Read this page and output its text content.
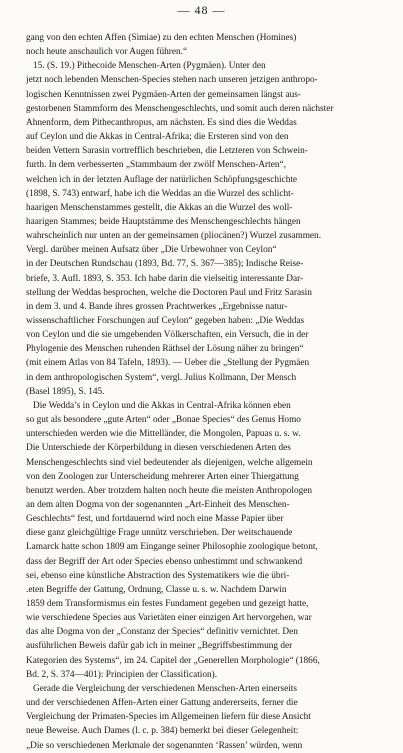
— 48 —
gang von den echten Affen (Simiae) zu den echten Menschen (Homines)
noch heute anschaulich vor Augen führen.“
15. (S. 19.) Pithecoide Menschen-Arten (Pygmäen). Unter den
jetzt noch lebenden Menschen-Species stehen nach unseren jetzigen anthropo-
logischen Kenntnissen zwei Pygmäen-Arten der gemeinsamen längst aus-
gestorbenen Stammform des Menschengeschlechts, und somit auch deren nächster
Ahnenform, dem Pithecanthropus, am nächsten. Es sind dies die Weddas
auf Ceylon und die Akkas in Central-Afrika; die Ersteren sind von den
beiden Vettern Sarasin vortrefflich beschrieben, die Letzteren von Schwein-
furth. In dem verbesserten „Stammbaum der zwölf Menschen-Arten“,
welchen ich in der letzten Auflage der natürlichen Schöpfungsgeschichte
(1898, S. 743) entwarf, habe ich die Weddas an die Wurzel des schlicht-
haarigen Menschenstammes gestellt, die Akkas an die Wurzel des woll-
haarigen Stammes; beide Hauptstämme des Menschengeschlechts hängen
wahrscheinlich nur unten an der gemeinsamen (pliocänen?) Wurzel zusammen.
Vergl. darüber meinen Aufsatz über „Die Urbewohner von Ceylon“
in der Deutschen Rundschau (1893, Bd. 77, S. 367—385); Indische Reise-
briefe, 3. Aufl. 1893, S. 353. Ich habe darin die vielseitig interessante Dar-
stellung der Weddas besprochen, welche die Doctoren Paul und Fritz Sarasin
in dem 3. und 4. Bande ihres grossen Prachtwerkes „Ergebnisse natur-
wissenschaftlicher Forschungen auf Ceylon“ gegeben haben: „Die Weddas
von Ceylon und die sie umgebenden Völkerschaften, ein Versuch, die in der
Phylogenie des Menschen ruhenden Räthsel der Lösung näher zu bringen“
(mit einem Atlas von 84 Tafeln, 1893). — Ueber die „Stellung der Pygmäen
in dem anthropologischen System“, vergl. Julius Kollmann, Der Mensch
(Basel 1895), S. 145.
Die Wedda’s in Ceylon und die Akkas in Central-Afrika können eben
so gut als besondere „gute Arten“ oder „Bonae Species“ des Genus Homo
unterschieden werden wie die Mittelländer, die Mongolen, Papuas u. s. w.
Die Unterschiede der Körperbildung in diesen verschiedenen Arten des
Menschengeschlechts sind viel bedeutender als diejenigen, welche allgemein
von den Zoologen zur Unterscheidung mehrerer Arten einer Thiergattung
benutzt werden. Aber trotzdem halten noch heute die meisten Anthropologen
an dem alten Dogma von der sogenannten „Art-Einheit des Menschen-
Geschlechts“ fest, und fortdauernd wird noch eine Masse Papier über
diese ganz gleichgültige Frage unnütz verschrieben. Der weitschauende
Lamarck hatte schon 1809 am Eingange seiner Philosophie zoologique betont,
dass der Begriff der Art oder Species ebenso unbestimmt und schwankend
sei, ebenso eine künstliche Abstraction des Systematikers wie die übri-
.eten Begriffe der Gattung, Ordnung, Classe u. s. w. Nachdem Darwin
1859 dem Transformismus ein festes Fundament gegeben und gezeigt hatte,
wie verschiedene Species aus Varietäten einer einzigen Art hervorgehen, war
das alte Dogma von der „Constanz der Species“ definitiv vernichtet. Den
ausführlichen Beweis dafür gab ich in meiner „Begriffsbestimmung der
Kategorien des Systems“, im 24. Capitel der „Generellen Morphologie“ (1866,
Bd. 2, S. 374—401): Principien der Classification).
Gerade die Vergleichung der verschiedenen Menschen-Arten einerseits
und der verschiedenen Affen-Arten einer Gattung andererseits, ferner die
Vergleichung der Primaten-Species im Allgemeinen liefern für diese Ansicht
neue Beweise. Auch Dames (l. c. p. 384) bemerkt bei dieser Gelegenheit:
„Die so verschiedenen Merkmale der sogenannten ‘Rassen’ würden, wenn
